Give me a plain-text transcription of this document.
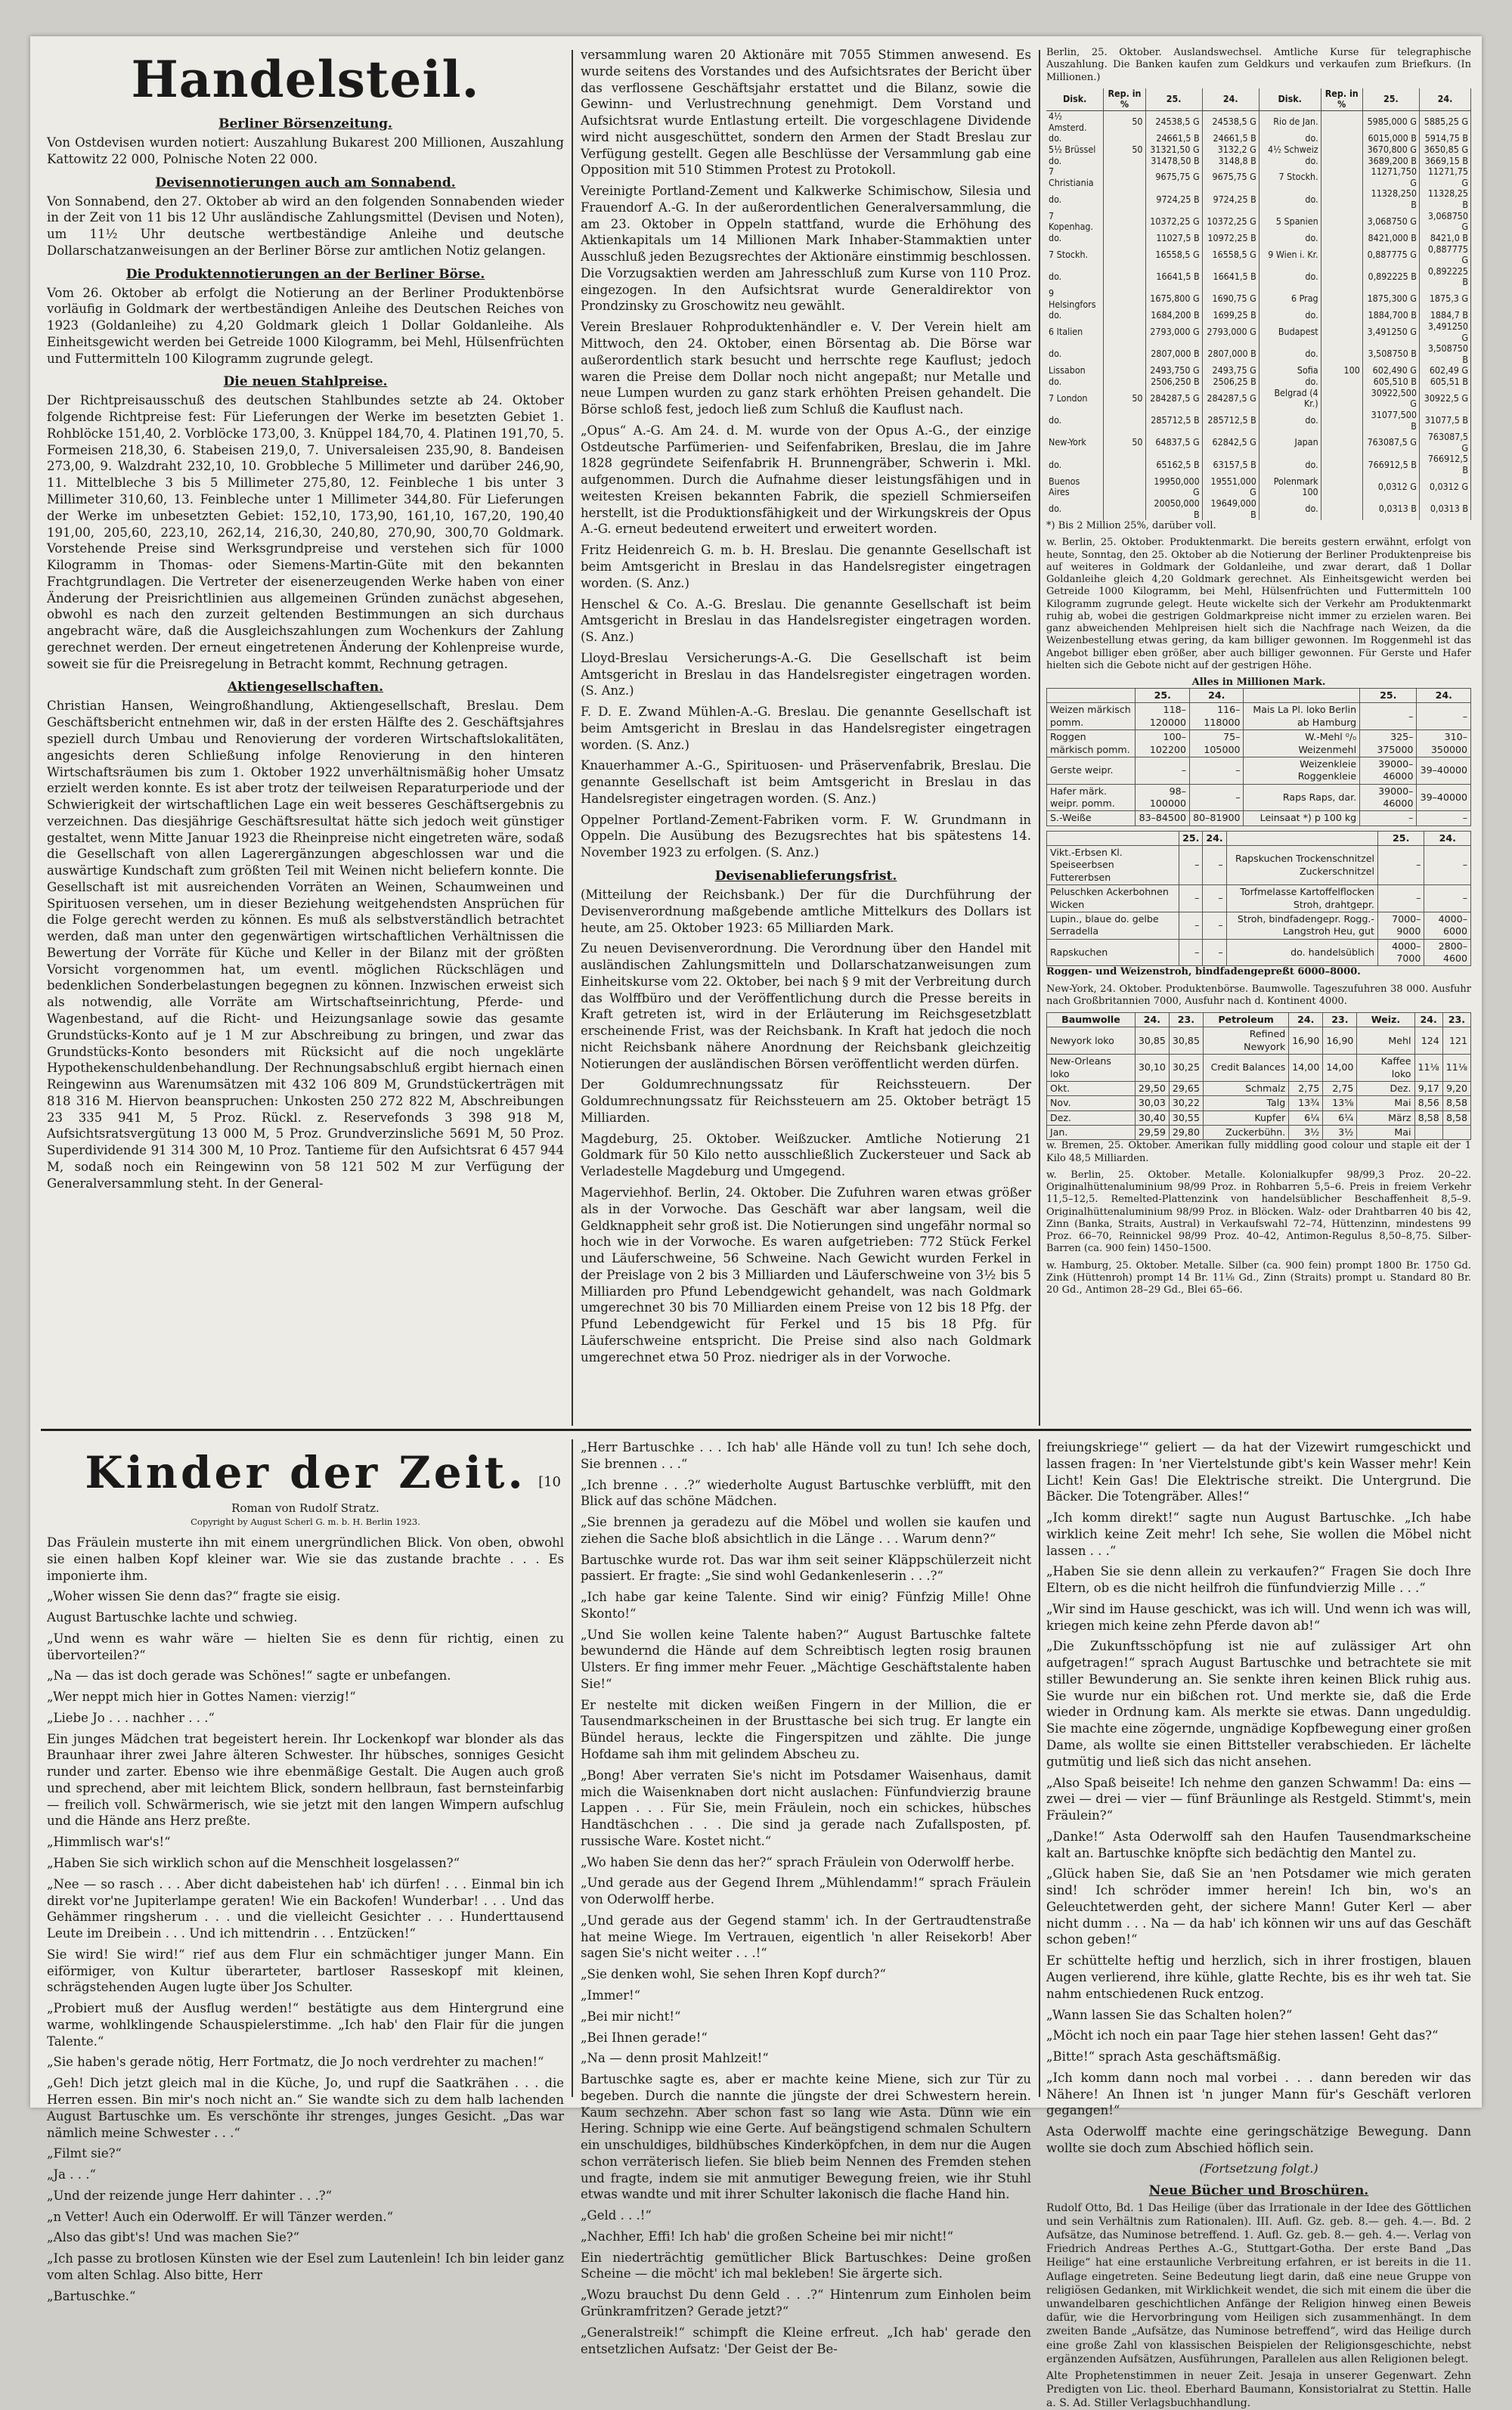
Handelsteil.
Berliner Börsenzeitung.

Von Ostdevisen wurden notiert: Auszahlung Bukarest 200 Millionen, Auszahlung Kattowitz 22 000, Polnische Noten 22 000.

Devisennotierungen auch am Sonnabend.

Von Sonnabend, den 27. Oktober ab wird an den folgenden Sonnabenden wieder in der Zeit von 11 bis 12 Uhr ausländische Zahlungsmittel (Devisen und Noten), um 11½ Uhr deutsche wertbeständige Anleihe und deutsche Dollarschatzanweisungen an der Berliner Börse zur amtlichen Notiz gelangen.

Die Produktennotierungen an der Berliner Börse.

Vom 26. Oktober ab erfolgt die Notierung an der Berliner Produktenbörse vorläufig in Goldmark der wertbeständigen Anleihe des Deutschen Reiches von 1923 (Goldanleihe) zu 4,20 Goldmark gleich 1 Dollar Goldanleihe. Als Einheitsgewicht werden bei Getreide 1000 Kilogramm, bei Mehl, Hülsenfrüchten und Futtermitteln 100 Kilogramm zugrunde gelegt.

Die neuen Stahlpreise.

Der Richtpreisausschuß des deutschen Stahlbundes setzte ab 24. Oktober folgende Richtpreise fest: Für Lieferungen der Werke im besetzten Gebiet 1. Rohblöcke 151,40, 2. Vorblöcke 173,00, 3. Knüppel 184,70, 4. Platinen 191,70, 5. Formeisen 218,30, 6. Stabeisen 219,0, 7. Universaleisen 235,90, 8. Bandeisen 273,00, 9. Walzdraht 232,10, 10. Grobbleche 5 Millimeter und darüber 246,90, 11. Mittelbleche 3 bis 5 Millimeter 275,80, 12. Feinbleche 1 bis unter 3 Millimeter 310,60, 13. Feinbleche unter 1 Millimeter 344,80. Für Lieferungen der Werke im unbesetzten Gebiet: 152,10, 173,90, 161,10, 167,20, 190,40 191,00, 205,60, 223,10, 262,14, 216,30, 240,80, 270,90, 300,70 Goldmark. Vorstehende Preise sind Werksgrundpreise und verstehen sich für 1000 Kilogramm in Thomas- oder Siemens-Martin-Güte mit den bekannten Frachtgrundlagen. Die Vertreter der eisenerzeugenden Werke haben von einer Änderung der Preisrichtlinien aus allgemeinen Gründen zunächst abgesehen, obwohl es nach den zurzeit geltenden Bestimmungen an sich durchaus angebracht wäre, daß die Ausgleichszahlungen zum Wochenkurs der Zahlung gerechnet werden. Der erneut eingetretenen Änderung der Kohlenpreise wurde, soweit sie für die Preisregelung in Betracht kommt, Rechnung getragen.

Aktiengesellschaften.

Christian Hansen, Weingroßhandlung, Aktiengesellschaft, Breslau. Dem Geschäftsbericht entnehmen wir, daß in der ersten Hälfte des 2. Geschäftsjahres speziell durch Umbau und Renovierung der vorderen Wirtschaftslokalitäten, angesichts deren Schließung infolge Renovierung in den hinteren Wirtschaftsräumen bis zum 1. Oktober 1922 unverhältnismäßig hoher Umsatz erzielt werden konnte. Es ist aber trotz der teilweisen Reparaturperiode und der Schwierigkeit der wirtschaftlichen Lage ein weit besseres Geschäftsergebnis zu verzeichnen. Das diesjährige Geschäftsresultat hätte sich jedoch weit günstiger gestaltet, wenn Mitte Januar 1923 die Rheinpreise nicht eingetreten wäre, sodaß die Gesellschaft von allen Lagerergänzungen abgeschlossen war und die auswärtige Kundschaft zum größten Teil mit Weinen nicht beliefern konnte. Die Gesellschaft ist mit ausreichenden Vorräten an Weinen, Schaumweinen und Spirituosen versehen, um in dieser Beziehung weitgehendsten Ansprüchen für die Folge gerecht werden zu können. Es muß als selbstverständlich betrachtet werden, daß man unter den gegenwärtigen wirtschaftlichen Verhältnissen die Bewertung der Vorräte für Küche und Keller in der Bilanz mit der größten Vorsicht vorgenommen hat, um eventl. möglichen Rückschlägen und bedenklichen Sonderbelastungen begegnen zu können. Inzwischen erweist sich als notwendig, alle Vorräte am Wirtschaftseinrichtung, Pferde- und Wagenbestand, auf die Richt- und Heizungsanlage sowie das gesamte Grundstücks-Konto auf je 1 M zur Abschreibung zu bringen, und zwar das Grundstücks-Konto besonders mit Rücksicht auf die noch ungeklärte Hypothekenschuldenbehandlung. Der Rechnungsabschluß ergibt hiernach einen Reingewinn aus Warenumsätzen mit 432 106 809 M, Grundstückerträgen mit 818 316 M. Hiervon beanspruchen: Unkosten 250 272 822 M, Abschreibungen 23 335 941 M, 5 Proz. Rückl. z. Reservefonds 3 398 918 M, Aufsichtsratsvergütung 13 000 M, 5 Proz. Grundverzinsliche 5691 M, 50 Proz. Superdividende 91 314 300 M, 10 Proz. Tantieme für den Aufsichtsrat 6 457 944 M, sodaß noch ein Reingewinn von 58 121 502 M zur Verfügung der Generalversammlung steht. In der General-

versammlung waren 20 Aktionäre mit 7055 Stimmen anwesend. Es wurde seitens des Vorstandes und des Aufsichtsrates der Bericht über das verflossene Geschäftsjahr erstattet und die Bilanz, sowie die Gewinn- und Verlustrechnung genehmigt. Dem Vorstand und Aufsichtsrat wurde Entlastung erteilt. Die vorgeschlagene Dividende wird nicht ausgeschüttet, sondern den Armen der Stadt Breslau zur Verfügung gestellt. Gegen alle Beschlüsse der Versammlung gab eine Opposition mit 510 Stimmen Protest zu Protokoll.

Vereinigte Portland-Zement und Kalkwerke Schimischow, Silesia und Frauendorf A.-G. In der außerordentlichen Generalversammlung, die am 23. Oktober in Oppeln stattfand, wurde die Erhöhung des Aktienkapitals um 14 Millionen Mark Inhaber-Stammaktien unter Ausschluß jeden Bezugsrechtes der Aktionäre einstimmig beschlossen. Die Vorzugsaktien werden am Jahresschluß zum Kurse von 110 Proz. eingezogen. In den Aufsichtsrat wurde Generaldirektor von Prondzinsky zu Groschowitz neu gewählt.

Verein Breslauer Rohproduktenhändler e. V. Der Verein hielt am Mittwoch, den 24. Oktober, einen Börsentag ab. Die Börse war außerordentlich stark besucht und herrschte rege Kauflust; jedoch waren die Preise dem Dollar noch nicht angepaßt; nur Metalle und neue Lumpen wurden zu ganz stark erhöhten Preisen gehandelt. Die Börse schloß fest, jedoch ließ zum Schluß die Kauflust nach.

„Opus“ A.-G. Am 24. d. M. wurde von der Opus A.-G., der einzige Ostdeutsche Parfümerien- und Seifenfabriken, Breslau, die im Jahre 1828 gegründete Seifenfabrik H. Brunnengräber, Schwerin i. Mkl. aufgenommen. Durch die Aufnahme dieser leistungsfähigen und in weitesten Kreisen bekannten Fabrik, die speziell Schmierseifen herstellt, ist die Produktionsfähigkeit und der Wirkungskreis der Opus A.-G. erneut bedeutend erweitert und erweitert worden.

Fritz Heidenreich G. m. b. H. Breslau. Die genannte Gesellschaft ist beim Amtsgericht in Breslau in das Handelsregister eingetragen worden. (S. Anz.)

Henschel & Co. A.-G. Breslau. Die genannte Gesellschaft ist beim Amtsgericht in Breslau in das Handelsregister eingetragen worden. (S. Anz.)

Lloyd-Breslau Versicherungs-A.-G. Die Gesellschaft ist beim Amtsgericht in Breslau in das Handelsregister eingetragen worden. (S. Anz.)

F. D. E. Zwand Mühlen-A.-G. Breslau. Die genannte Gesellschaft ist beim Amtsgericht in Breslau in das Handelsregister eingetragen worden. (S. Anz.)

Knauerhammer A.-G., Spirituosen- und Präservenfabrik, Breslau. Die genannte Gesellschaft ist beim Amtsgericht in Breslau in das Handelsregister eingetragen worden. (S. Anz.)

Oppelner Portland-Zement-Fabriken vorm. F. W. Grundmann in Oppeln. Die Ausübung des Bezugsrechtes hat bis spätestens 14. November 1923 zu erfolgen. (S. Anz.)

Devisenablieferungsfrist.

(Mitteilung der Reichsbank.) Der für die Durchführung der Devisenverordnung maßgebende amtliche Mittelkurs des Dollars ist heute, am 25. Oktober 1923: 65 Milliarden Mark.

Zu neuen Devisenverordnung. Die Verordnung über den Handel mit ausländischen Zahlungsmitteln und Dollarschatzanweisungen zum Einheitskurse vom 22. Oktober, bei nach § 9 mit der Verbreitung durch das Wolffbüro und der Veröffentlichung durch die Presse bereits in Kraft getreten ist, wird in der Erläuterung im Reichsgesetzblatt erscheinende Frist, was der Reichsbank. In Kraft hat jedoch die noch nicht Reichsbank nähere Anordnung der Reichsbank gleichzeitig Notierungen der ausländischen Börsen veröffentlicht werden dürfen.

Der Goldumrechnungssatz für Reichssteuern. Der Goldumrechnungssatz für Reichssteuern am 25. Oktober beträgt 15 Milliarden.

Magdeburg, 25. Oktober. Weißzucker. Amtliche Notierung 21 Goldmark für 50 Kilo netto ausschließlich Zuckersteuer und Sack ab Verladestelle Magdeburg und Umgegend.

Magerviehhof. Berlin, 24. Oktober. Die Zufuhren waren etwas größer als in der Vorwoche. Das Geschäft war aber langsam, weil die Geldknappheit sehr groß ist. Die Notierungen sind ungefähr normal so hoch wie in der Vorwoche. Es waren aufgetrieben: 772 Stück Ferkel und Läuferschweine, 56 Schweine. Nach Gewicht wurden Ferkel in der Preislage von 2 bis 3 Milliarden und Läuferschweine von 3½ bis 5 Milliarden pro Pfund Lebendgewicht gehandelt, was nach Goldmark umgerechnet 30 bis 70 Milliarden einem Preise von 12 bis 18 Pfg. der Pfund Lebendgewicht für Ferkel und 15 bis 18 Pfg. für Läuferschweine entspricht. Die Preise sind also nach Goldmark umgerechnet etwa 50 Proz. niedriger als in der Vorwoche.

Berlin, 25. Oktober. Auslandswechsel. Amtliche Kurse für telegraphische Auszahlung. Die Banken kaufen zum Geldkurs und verkaufen zum Briefkurs. (In Millionen.)

Disk.	Rep. in %	25.	24.	Disk.	Rep. in %	25.	24.
4½ Amsterd.	50	24538,5 G	24538,5 G	Rio de Jan.		5985,000 G	5885,25 G
do.		24661,5 B	24661,5 B	do.		6015,000 B	5914,75 B
5½ Brüssel	50	31321,50 G	3132,2 G	4½ Schweiz		3670,800 G	3650,85 G
do.		31478,50 B	3148,8 B	do.		3689,200 B	3669,15 B
7 Christiania		9675,75 G	9675,75 G	7 Stockh.		11271,750 G	11271,75 G
do.		9724,25 B	9724,25 B	do.		11328,250 B	11328,25 B
7 Kopenhag.		10372,25 G	10372,25 G	5 Spanien		3,068750 G	3,068750 G
do.		11027,5 B	10972,25 B	do.		8421,000 B	8421,0 B
7 Stockh.		16558,5 G	16558,5 G	9 Wien i. Kr.		0,887775 G	0,887775 G
do.		16641,5 B	16641,5 B	do.		0,892225 B	0,892225 B
9 Helsingfors		1675,800 G	1690,75 G	6 Prag		1875,300 G	1875,3 G
do.		1684,200 B	1699,25 B	do.		1884,700 B	1884,7 B
6 Italien		2793,000 G	2793,000 G	Budapest		3,491250 G	3,491250 G
do.		2807,000 B	2807,000 B	do.		3,508750 B	3,508750 B
Lissabon		2493,750 G	2493,75 G	Sofia	100	602,490 G	602,49 G
do.		2506,250 B	2506,25 B	do.		605,510 B	605,51 B
7 London	50	284287,5 G	284287,5 G	Belgrad (4 Kr.)		30922,500 G	30922,5 G
do.		285712,5 B	285712,5 B	do.		31077,500 B	31077,5 B
New-York	50	64837,5 G	62842,5 G	Japan		763087,5 G	763087,5 G
do.		65162,5 B	63157,5 B	do.		766912,5 B	766912,5 B
Buenos Aires		19950,000 G	19551,000 G	Polenmark 100		0,0312 G	0,0312 G
do.		20050,000 B	19649,000 B	do.		0,0313 B	0,0313 B

*) Bis 2 Million 25%, darüber voll.

w. Berlin, 25. Oktober. Produktenmarkt. Die bereits gestern erwähnt, erfolgt von heute, Sonntag, den 25. Oktober ab die Notierung der Berliner Produktenpreise bis auf weiteres in Goldmark der Goldanleihe, und zwar derart, daß 1 Dollar Goldanleihe gleich 4,20 Goldmark gerechnet. Als Einheitsgewicht werden bei Getreide 1000 Kilogramm, bei Mehl, Hülsenfrüchten und Futtermitteln 100 Kilogramm zugrunde gelegt. Heute wickelte sich der Verkehr am Produktenmarkt ruhig ab, wobei die gestrigen Goldmarkpreise nicht immer zu erzielen waren. Bei ganz abweichenden Mehlpreisen hielt sich die Nachfrage nach Weizen, da die Weizenbestellung etwas gering, da kam billiger gewonnen. Im Roggenmehl ist das Angebot billiger eben größer, aber auch billiger gewonnen. Für Gerste und Hafer hielten sich die Gebote nicht auf der gestrigen Höhe.

Alles in Millionen Mark.
	25.	24.		25.	24.
Weizen märkisch pomm.	118–120000	116–118000	Mais La Pl. loko Berlin ab Hamburg	–	–
Roggen märkisch pomm.	100–102200	75–105000	W.-Mehl ⁰/₀ Weizenmehl	325–375000	310–350000
Gerste weipr.	–	–	Weizenkleie Roggenkleie	39000–46000	39–40000
Hafer märk. weipr. pomm.	98–100000	–	Raps Raps, dar.	39000–46000	39–40000
S.-Weiße	83–84500	80–81900	Leinsaat *) p 100 kg	–	–
	25.	24.		25.	24.
Vikt.-Erbsen Kl. Speiseerbsen Futtererbsen	–	–	Rapskuchen Trockenschnitzel Zuckerschnitzel	–	–
Peluschken Ackerbohnen Wicken	–	–	Torfmelasse Kartoffelflocken Stroh, drahtgepr.	–	–
Lupin., blaue do. gelbe Serradella	–	–	Stroh, bindfadengepr. Rogg.-Langstroh Heu, gut	7000–9000	4000–6000
Rapskuchen	–	–	do. handelsüblich	4000–7000	2800–4600

Roggen- und Weizenstroh, bindfadengepreßt 6000–8000.

New-York, 24. Oktober. Produktenbörse. Baumwolle. Tageszufuhren 38 000. Ausfuhr nach Großbritannien 7000, Ausfuhr nach d. Kontinent 4000.

Baumwolle	24.	23.	Petroleum	24.	23.	Weiz.	24.	23.
Newyork loko	30,85	30,85	Refined Newyork	16,90	16,90	Mehl	124	121
New-Orleans loko	30,10	30,25	Credit Balances	14,00	14,00	Kaffee loko	11⅛	11⅛
Okt.	29,50	29,65	Schmalz	2,75	2,75	Dez.	9,17	9,20
Nov.	30,03	30,22	Talg	13¾	13⅝	Mai	8,56	8,58
Dez.	30,40	30,55	Kupfer	6¼	6¼	März	8,58	8,58
Jan.	29,59	29,80	Zuckerbühn.	3½	3½	Mai		

w. Bremen, 25. Oktober. Amerikan fully middling good colour und staple eit der 1 Kilo 48,5 Milliarden.

w. Berlin, 25. Oktober. Metalle. Kolonialkupfer 98/99,3 Proz. 20–22. Originalhüttenaluminium 98/99 Proz. in Rohbarren 5,5–6. Preis in freiem Verkehr 11,5–12,5. Remelted-Plattenzink von handelsüblicher Beschaffenheit 8,5–9. Originalhüttenaluminium 98/99 Proz. in Blöcken. Walz- oder Drahtbarren 40 bis 42, Zinn (Banka, Straits, Austral) in Verkaufswahl 72–74, Hüttenzinn, mindestens 99 Proz. 66–70, Reinnickel 98/99 Proz. 40–42, Antimon-Regulus 8,50–8,75. Silber-Barren (ca. 900 fein) 1450–1500.

w. Hamburg, 25. Oktober. Metalle. Silber (ca. 900 fein) prompt 1800 Br. 1750 Gd. Zink (Hüttenroh) prompt 14 Br. 11⅛ Gd., Zinn (Straits) prompt u. Standard 80 Br. 20 Gd., Antimon 28–29 Gd., Blei 65–66.

Kinder der Zeit. [10
Roman von Rudolf Stratz.
Copyright by August Scherl G. m. b. H. Berlin 1923.

Das Fräulein musterte ihn mit einem unergründlichen Blick. Von oben, obwohl sie einen halben Kopf kleiner war. Wie sie das zustande brachte . . . Es imponierte ihm.

„Woher wissen Sie denn das?“ fragte sie eisig.

August Bartuschke lachte und schwieg.

„Und wenn es wahr wäre — hielten Sie es denn für richtig, einen zu übervorteilen?“

„Na — das ist doch gerade was Schönes!“ sagte er unbefangen.

„Wer neppt mich hier in Gottes Namen: vierzig!“

„Liebe Jo . . . nachher . . .“

Ein junges Mädchen trat begeistert herein. Ihr Lockenkopf war blonder als das Braunhaar ihrer zwei Jahre älteren Schwester. Ihr hübsches, sonniges Gesicht runder und zarter. Ebenso wie ihre ebenmäßige Gestalt. Die Augen auch groß und sprechend, aber mit leichtem Blick, sondern hellbraun, fast bernsteinfarbig — freilich voll. Schwärmerisch, wie sie jetzt mit den langen Wimpern aufschlug und die Hände ans Herz preßte.

„Himmlisch war's!“

„Haben Sie sich wirklich schon auf die Menschheit losgelassen?“

„Nee — so rasch . . . Aber dicht dabeistehen hab' ich dürfen! . . . Einmal bin ich direkt vor'ne Jupiterlampe geraten! Wie ein Backofen! Wunderbar! . . . Und das Gehämmer ringsherum . . . und die vielleicht Gesichter . . . Hunderttausend Leute im Dreibein . . . Und ich mittendrin . . . Entzücken!“

Sie wird! Sie wird!“ rief aus dem Flur ein schmächtiger junger Mann. Ein eiförmiger, von Kultur überarteter, bartloser Rasseskopf mit kleinen, schrägstehenden Augen lugte über Jos Schulter.

„Probiert muß der Ausflug werden!“ bestätigte aus dem Hintergrund eine warme, wohlklingende Schauspielerstimme. „Ich hab' den Flair für die jungen Talente.“

„Sie haben's gerade nötig, Herr Fortmatz, die Jo noch verdrehter zu machen!“

„Geh! Dich jetzt gleich mal in die Küche, Jo, und rupf die Saatkrähen . . . die Herren essen. Bin mir's noch nicht an.“ Sie wandte sich zu dem halb lachenden August Bartuschke um. Es verschönte ihr strenges, junges Gesicht. „Das war nämlich meine Schwester . . .“

„Filmt sie?“

„Ja . . .“

„Und der reizende junge Herr dahinter . . .?“

„n Vetter! Auch ein Oderwolff. Er will Tänzer werden.“

„Also das gibt's! Und was machen Sie?“

„Ich passe zu brotlosen Künsten wie der Esel zum Lautenlein! Ich bin leider ganz vom alten Schlag. Also bitte, Herr

„Bartuschke.“

„Herr Bartuschke . . . Ich hab' alle Hände voll zu tun! Ich sehe doch, Sie brennen . . .“

„Ich brenne . . .?“ wiederholte August Bartuschke verblüfft, mit den Blick auf das schöne Mädchen.

„Sie brennen ja geradezu auf die Möbel und wollen sie kaufen und ziehen die Sache bloß absichtlich in die Länge . . . Warum denn?“

Bartuschke wurde rot. Das war ihm seit seiner Kläppschülerzeit nicht passiert. Er fragte: „Sie sind wohl Gedankenleserin . . .?“

„Ich habe gar keine Talente. Sind wir einig? Fünfzig Mille! Ohne Skonto!“

„Und Sie wollen keine Talente haben?“ August Bartuschke faltete bewundernd die Hände auf dem Schreibtisch legten rosig braunen Ulsters. Er fing immer mehr Feuer. „Mächtige Geschäftstalente haben Sie!“

Er nestelte mit dicken weißen Fingern in der Million, die er Tausendmarkscheinen in der Brusttasche bei sich trug. Er langte ein Bündel heraus, leckte die Fingerspitzen und zählte. Die junge Hofdame sah ihm mit gelindem Abscheu zu.

„Bong! Aber verraten Sie's nicht im Potsdamer Waisenhaus, damit mich die Waisenknaben dort nicht auslachen: Fünfundvierzig braune Lappen . . . Für Sie, mein Fräulein, noch ein schickes, hübsches Handtäschchen . . . Die sind ja gerade nach Zufallsposten, pf. russische Ware. Kostet nicht.“

„Wo haben Sie denn das her?“ sprach Fräulein von Oderwolff herbe.

„Und gerade aus der Gegend Ihrem „Mühlendamm!“ sprach Fräulein von Oderwolff herbe.

„Und gerade aus der Gegend stamm' ich. In der Gertraudtenstraße hat meine Wiege. Im Vertrauen, eigentlich 'n aller Reisekorb! Aber sagen Sie's nicht weiter . . .!“

„Sie denken wohl, Sie sehen Ihren Kopf durch?“

„Immer!“

„Bei mir nicht!“

„Bei Ihnen gerade!“

„Na — denn prosit Mahlzeit!“

Bartuschke sagte es, aber er machte keine Miene, sich zur Tür zu begeben. Durch die nannte die jüngste der drei Schwestern herein. Kaum sechzehn. Aber schon fast so lang wie Asta. Dünn wie ein Hering. Schnipp wie eine Gerte. Auf beängstigend schmalen Schultern ein unschuldiges, bildhübsches Kinderköpfchen, in dem nur die Augen schon verräterisch liefen. Sie blieb beim Nennen des Fremden stehen und fragte, indem sie mit anmutiger Bewegung freien, wie ihr Stuhl etwas wandte und mit ihrer Schulter lakonisch die flache Hand hin.

„Geld . . .!“

„Nachher, Effi! Ich hab' die großen Scheine bei mir nicht!“

Ein niederträchtig gemütlicher Blick Bartuschkes: Deine großen Scheine — die möcht' ich mal bekleben! Sie ärgerte sich.

„Wozu brauchst Du denn Geld . . .?“ Hintenrum zum Einholen beim Grünkramfritzen? Gerade jetzt?“

„Generalstreik!“ schimpft die Kleine erfreut. „Ich hab' gerade den entsetzlichen Aufsatz: 'Der Geist der Be-

freiungskriege'“ geliert — da hat der Vizewirt rumgeschickt und lassen fragen: In 'ner Viertelstunde gibt's kein Wasser mehr! Kein Licht! Kein Gas! Die Elektrische streikt. Die Untergrund. Die Bäcker. Die Totengräber. Alles!“

„Ich komm direkt!“ sagte nun August Bartuschke. „Ich habe wirklich keine Zeit mehr! Ich sehe, Sie wollen die Möbel nicht lassen . . .“

„Haben Sie sie denn allein zu verkaufen?“ Fragen Sie doch Ihre Eltern, ob es die nicht heilfroh die fünfundvierzig Mille . . .“

„Wir sind im Hause geschickt, was ich will. Und wenn ich was will, kriegen mich keine zehn Pferde davon ab!“

„Die Zukunftsschöpfung ist nie auf zulässiger Art ohn aufgetragen!“ sprach August Bartuschke und betrachtete sie mit stiller Bewunderung an. Sie senkte ihren keinen Blick ruhig aus. Sie wurde nur ein bißchen rot. Und merkte sie, daß die Erde wieder in Ordnung kam. Als merkte sie etwas. Dann ungeduldig. Sie machte eine zögernde, ungnädige Kopfbewegung einer großen Dame, als wollte sie einen Bittsteller verabschieden. Er lächelte gutmütig und ließ sich das nicht ansehen.

„Also Spaß beiseite! Ich nehme den ganzen Schwamm! Da: eins — zwei — drei — vier — fünf Bräunlinge als Restgeld. Stimmt's, mein Fräulein?“

„Danke!“ Asta Oderwolff sah den Haufen Tausendmarkscheine kalt an. Bartuschke knöpfte sich bedächtig den Mantel zu.

„Glück haben Sie, daß Sie an 'nen Potsdamer wie mich geraten sind! Ich schröder immer herein! Ich bin, wo's an Geleuchtetwerden geht, der sichere Mann! Guter Kerl — aber nicht dumm . . . Na — da hab' ich können wir uns auf das Geschäft schon geben!“

Er schüttelte heftig und herzlich, sich in ihrer frostigen, blauen Augen verlierend, ihre kühle, glatte Rechte, bis es ihr weh tat. Sie nahm entschiedenen Ruck entzog.

„Wann lassen Sie das Schalten holen?“

„Möcht ich noch ein paar Tage hier stehen lassen! Geht das?“

„Bitte!“ sprach Asta geschäftsmäßig.

„Ich komm dann noch mal vorbei . . . dann bereden wir das Nähere! An Ihnen ist 'n junger Mann für's Geschäft verloren gegangen!“

Asta Oderwolff machte eine geringschätzige Bewegung. Dann wollte sie doch zum Abschied höflich sein.

(Fortsetzung folgt.)
Neue Bücher und Broschüren.

Rudolf Otto, Bd. 1 Das Heilige (über das Irrationale in der Idee des Göttlichen und sein Verhältnis zum Rationalen). III. Aufl. Gz. geb. 8.— geh. 4.—. Bd. 2 Aufsätze, das Numinose betreffend. 1. Aufl. Gz. geb. 8.— geh. 4.—. Verlag von Friedrich Andreas Perthes A.-G., Stuttgart-Gotha. Der erste Band „Das Heilige“ hat eine erstaunliche Verbreitung erfahren, er ist bereits in die 11. Auflage eingetreten. Seine Bedeutung liegt darin, daß eine neue Gruppe von religiösen Gedanken, mit Wirklichkeit wendet, die sich mit einem die über die unwandelbaren geschichtlichen Anfänge der Religion hinweg einen Beweis dafür, wie die Hervorbringung vom Heiligen sich zusammenhängt. In dem zweiten Bande „Aufsätze, das Numinose betreffend“, wird das Heilige durch eine große Zahl von klassischen Beispielen der Religionsgeschichte, nebst ergänzenden Aufsätzen, Ausführungen, Parallelen aus allen Religionen belegt.

Alte Prophetenstimmen in neuer Zeit. Jesaja in unserer Gegenwart. Zehn Predigten von Lic. theol. Eberhard Baumann, Konsistorialrat zu Stettin. Halle a. S. Ad. Stiller Verlagsbuchhandlung.
